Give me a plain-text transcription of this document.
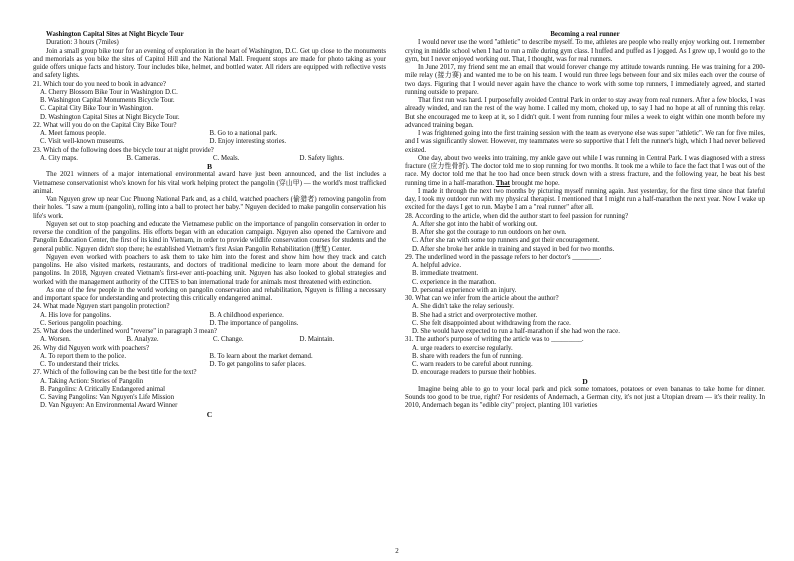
Washington Capital Sites at Night Bicycle Tour

Duration: 3 hours (7miles)

Join a small group bike tour for an evening of exploration in the heart of Washington, D.C. Get up close to the monuments and memorials as you bike the sites of Capitol Hill and the National Mall. Frequent stops are made for photo taking as your guide offers unique facts and history. Tour includes bike, helmet, and bottled water. All riders are equipped with reflective vests and safety lights.

21. Which tour do you need to book in advance?

A. Cherry Blossom Bike Tour in Washington D.C.

B. Washington Capital Monuments Bicycle Tour.

C. Capital City Bike Tour in Washington.

D. Washington Capital Sites at Night Bicycle Tour.

22. What will you do on the Capital City Bike Tour?

A. Meet famous people.	B. Go to a national park.
C. Visit well-known museums.	D. Enjoy interesting stories.

23. Which of the following does the bicycle tour at night provide?

A. City maps.	B. Cameras.	C. Meals.	D. Safety lights.

B

The 2021 winners of a major international environmental award have just been announced, and the list includes a Vietnamese conservationist who's known for his vital work helping protect the pangolin (穿山甲) — the world's most trafficked animal.

Van Nguyen grew up near Cuc Phuong National Park and, as a child, watched poachers (偷猎者) removing pangolin from their holes. "I saw a mum (pangolin), rolling into a ball to protect her baby." Nguyen decided to make pangolin conservation his life's work.

Nguyen set out to stop poaching and educate the Vietnamese public on the importance of pangolin conservation in order to reverse the condition of the pangolins. His efforts began with an education campaign. Nguyen also opened the Carnivore and Pangolin Education Center, the first of its kind in Vietnam, in order to provide wildlife conservation courses for students and the general public. Nguyen didn't stop there; he established Vietnam's first Asian Pangolin Rehabilitation (康复) Center.

Nguyen even worked with poachers to ask them to take him into the forest and show him how they track and catch pangolins. He also visited markets, restaurants, and doctors of traditional medicine to learn more about the demand for pangolins. In 2018, Nguyen created Vietnam's first-ever anti-poaching unit. Nguyen has also looked to global strategies and worked with the management authority of the CITES to ban international trade for animals most threatened with extinction.

As one of the few people in the world working on pangolin conservation and rehabilitation, Nguyen is filling a necessary and important space for understanding and protecting this critically endangered animal.

24. What made Nguyen start pangolin protection?

A. His love for pangolins.	B. A childhood experience.
C. Serious pangolin poaching.	D. The importance of pangolins.

25. What does the underlined word "reverse" in paragraph 3 mean?

A. Worsen.	B. Analyze.	C. Change.	D. Maintain.

26. Why did Nguyen work with poachers?

A. To report them to the police.	B. To learn about the market demand.
C. To understand their tricks.	D. To get pangolins to safer places.

27. Which of the following can be the best title for the text?

A. Taking Action: Stories of Pangolin

B. Pangolins: A Critically Endangered animal

C. Saving Pangolins: Van Nguyen's Life Mission

D. Van Nguyen: An Environmental Award Winner

C

Becoming a real runner

I would never use the word "athletic" to describe myself. To me, athletes are people who really enjoy working out. I remember crying in middle school when I had to run a mile during gym class. I huffed and puffed as I jogged. As I grew up, I would go to the gym, but I never enjoyed working out. That, I thought, was for real runners.

In June 2017, my friend sent me an email that would forever change my attitude towards running. He was training for a 200-mile relay (接力赛) and wanted me to be on his team. I would run three legs between four and six miles each over the course of two days. Figuring that I would never again have the chance to work with some top runners, I immediately agreed, and started running outside to prepare.

That first run was hard. I purposefully avoided Central Park in order to stay away from real runners. After a few blocks, I was already winded, and ran the rest of the way home. I called my mom, choked up, to say I had no hope at all of running this relay. But she encouraged me to keep at it, so I didn't quit. I went from running four miles a week to eight within one month before my advanced training began.

I was frightened going into the first training session with the team as everyone else was super "athletic". We ran for five miles, and I was significantly slower. However, my teammates were so supportive that I felt the runner's high, which I had never believed existed.

One day, about two weeks into training, my ankle gave out while I was running in Central Park. I was diagnosed with a stress fracture (应力性骨折). The doctor told me to stop running for two months. It took me a while to face the fact that I was out of the race. My doctor told me that he too had once been struck down with a stress fracture, and the following year, he beat his best running time in a half-marathon. That brought me hope.

I made it through the next two months by picturing myself running again. Just yesterday, for the first time since that fateful day, I took my outdoor run with my physical therapist. I mentioned that I might run a half-marathon the next year. Now I wake up excited for the days I get to run. Maybe I am a "real runner" after all.

28. According to the article, when did the author start to feel passion for running?

A. After she got into the habit of working out.

B. After she got the courage to run outdoors on her own.

C. After she ran with some top runners and got their encouragement.

D. After she broke her ankle in training and stayed in bed for two months.

29. The underlined word in the passage refers to her doctor's ________.

A. helpful advice.

B. immediate treatment.

C. experience in the marathon.

D. personal experience with an injury.

30. What can we infer from the article about the author?

A. She didn't take the relay seriously.

B. She had a strict and overprotective mother.

C. She felt disappointed about withdrawing from the race.

D. She would have expected to run a half-marathon if she had won the race.

31. The author's purpose of writing the article was to _________.

A. urge readers to exercise regularly.

B. share with readers the fun of running.

C. warn readers to be careful about running.

D. encourage readers to pursue their hobbies.

D

Imagine being able to go to your local park and pick some tomatoes, potatoes or even bananas to take home for dinner. Sounds too good to be true, right? For residents of Andernach, a German city, it's not just a Utopian dream — it's their reality. In 2010, Andernach began its "edible city" project, planting 101 varieties

2
